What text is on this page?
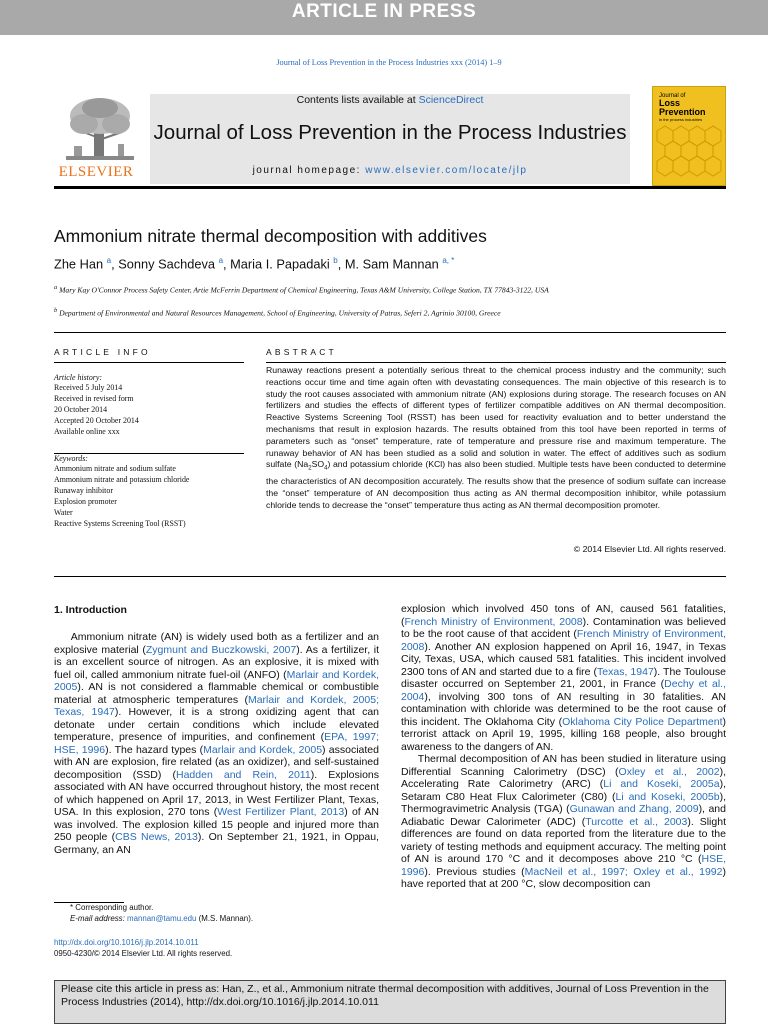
ARTICLE IN PRESS
Journal of Loss Prevention in the Process Industries xxx (2014) 1–9
ELSEVIER
Contents lists available at ScienceDirect
Journal of Loss Prevention in the Process Industries
journal homepage: www.elsevier.com/locate/jlp
Journal of
Loss
Prevention
in the process industries
Ammonium nitrate thermal decomposition with additives
Zhe Han $^a$, Sonny Sachdeva $^a$, Maria I. Papadaki $^b$, M. Sam Mannan $^{a, *}$
$^a$ Mary Kay O'Connor Process Safety Center, Artie McFerrin Department of Chemical Engineering, Texas A&M University, College Station, TX 77843-3122, USA
$^b$ Department of Environmental and Natural Resources Management, School of Engineering, University of Patras, Seferi 2, Agrinio 30100, Greece
ARTICLE INFO
Article history:
Received 5 July 2014
Received in revised form
20 October 2014
Accepted 20 October 2014
Available online xxx
Keywords:
Ammonium nitrate and sodium sulfate
Ammonium nitrate and potassium chloride
Runaway inhibitor
Explosion promoter
Water
Reactive Systems Screening Tool (RSST)
ABSTRACT
Runaway reactions present a potentially serious threat to the chemical process industry and the community; such reactions occur time and time again often with devastating consequences. The main objective of this research is to study the root causes associated with ammonium nitrate (AN) explosions during storage. The research focuses on AN fertilizers and studies the effects of different types of fertilizer compatible additives on AN thermal decomposition. Reactive Systems Screening Tool (RSST) has been used for reactivity evaluation and to better understand the mechanisms that result in explosion hazards. The results obtained from this tool have been reported in terms of parameters such as “onset” temperature, rate of temperature and pressure rise and maximum temperature. The runaway behavior of AN has been studied as a solid and solution in water. The effect of additives such as sodium sulfate $(Na_2SO_4)$ and potassium chloride (KCl) has also been studied. Multiple tests have been conducted to determine the characteristics of AN decomposition accurately. The results show that the presence of sodium sulfate can increase the “onset” temperature of AN decomposition thus acting as AN thermal decomposition inhibitor, while potassium chloride tends to decrease the “onset” temperature thus acting as AN thermal decomposition promoter.
© 2014 Elsevier Ltd. All rights reserved.
1. Introduction

Ammonium nitrate (AN) is widely used both as a fertilizer and an explosive material (Zygmunt and Buczkowski, 2007). As a fertilizer, it is an excellent source of nitrogen. As an explosive, it is mixed with fuel oil, called ammonium nitrate fuel-oil (ANFO) (Marlair and Kordek, 2005). AN is not considered a flammable chemical or combustible material at atmospheric temperatures (Marlair and Kordek, 2005; Texas, 1947). However, it is a strong oxidizing agent that can detonate under certain conditions which include elevated temperature, presence of impurities, and confinement (EPA, 1997; HSE, 1996). The hazard types (Marlair and Kordek, 2005) associated with AN are explosion, fire related (as an oxidizer), and self-sustained decomposition (SSD) (Hadden and Rein, 2011). Explosions associated with AN have occurred throughout history, the most recent of which happened on April 17, 2013, in West Fertilizer Plant, Texas, USA. In this explosion, 270 tons (West Fertilizer Plant, 2013) of AN was involved. The explosion killed 15 people and injured more than 250 people (CBS News, 2013). On September 21, 1921, in Oppau, Germany, an AN

explosion which involved 450 tons of AN, caused 561 fatalities, (French Ministry of Environment, 2008). Contamination was believed to be the root cause of that accident (French Ministry of Environment, 2008). Another AN explosion happened on April 16, 1947, in Texas City, Texas, USA, which caused 581 fatalities. This incident involved 2300 tons of AN and started due to a fire (Texas, 1947). The Toulouse disaster occurred on September 21, 2001, in France (Dechy et al., 2004), involving 300 tons of AN resulting in 30 fatalities. AN contamination with chloride was determined to be the root cause of this incident. The Oklahoma City (Oklahoma City Police Department) terrorist attack on April 19, 1995, killing 168 people, also brought awareness to the dangers of AN.

Thermal decomposition of AN has been studied in literature using Differential Scanning Calorimetry (DSC) (Oxley et al., 2002), Accelerating Rate Calorimetry (ARC) (Li and Koseki, 2005a), Setaram C80 Heat Flux Calorimeter (C80) (Li and Koseki, 2005b), Thermogravimetric Analysis (TGA) (Gunawan and Zhang, 2009), and Adiabatic Dewar Calorimeter (ADC) (Turcotte et al., 2003). Slight differences are found on data reported from the literature due to the variety of testing methods and equipment accuracy. The melting point of AN is around 170 °C and it decomposes above 210 °C (HSE, 1996). Previous studies (MacNeil et al., 1997; Oxley et al., 1992) have reported that at 200 °C, slow decomposition can

* Corresponding author.
E-mail address: mannan@tamu.edu (M.S. Mannan).
http://dx.doi.org/10.1016/j.jlp.2014.10.011
0950-4230/© 2014 Elsevier Ltd. All rights reserved.
Please cite this article in press as: Han, Z., et al., Ammonium nitrate thermal decomposition with additives, Journal of Loss Prevention in the Process Industries (2014), http://dx.doi.org/10.1016/j.jlp.2014.10.011
